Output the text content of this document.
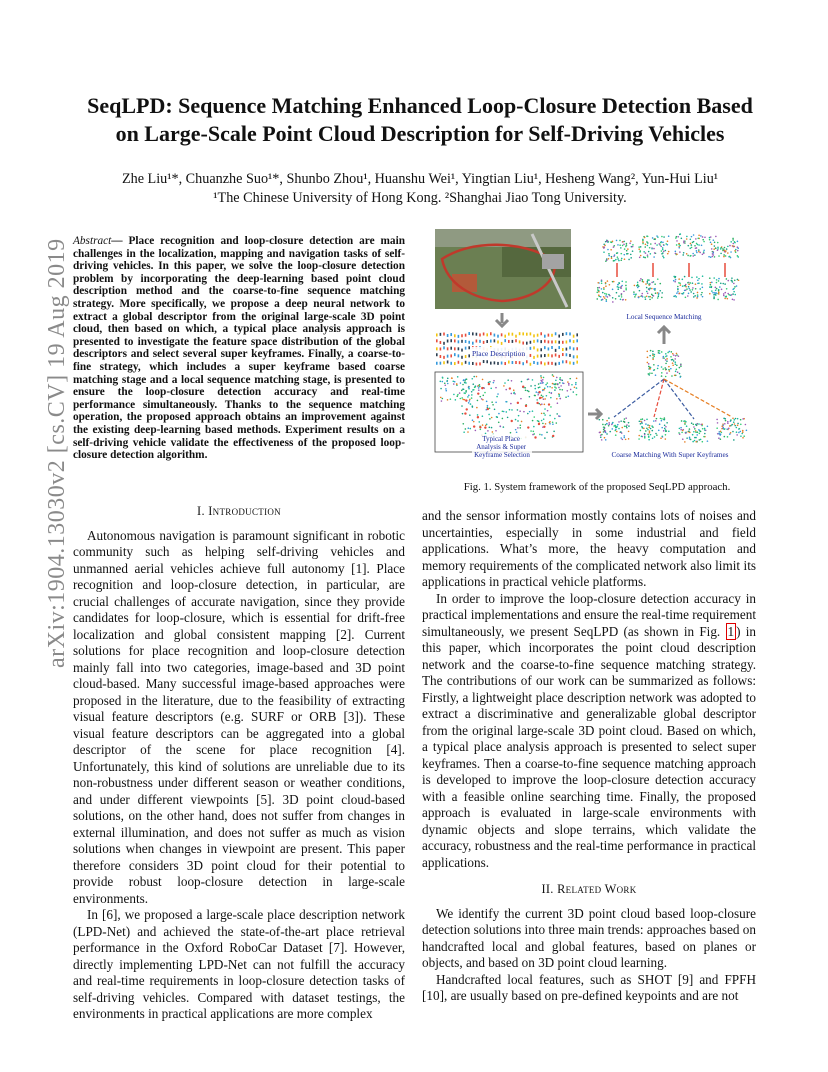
arXiv:1904.13030v2 [cs.CV] 19 Aug 2019
SeqLPD: Sequence Matching Enhanced Loop-Closure Detection Based
on Large-Scale Point Cloud Description for Self-Driving Vehicles
Zhe Liu¹*, Chuanzhe Suo¹*, Shunbo Zhou¹, Huanshu Wei¹, Yingtian Liu¹, Hesheng Wang², Yun-Hui Liu¹
¹The Chinese University of Hong Kong. ²Shanghai Jiao Tong University.
Abstract— Place recognition and loop-closure detection are main challenges in the localization, mapping and navigation tasks of self-driving vehicles. In this paper, we solve the loop-closure detection problem by incorporating the deep-learning based point cloud description method and the coarse-to-fine sequence matching strategy. More specifically, we propose a deep neural network to extract a global descriptor from the original large-scale 3D point cloud, then based on which, a typical place analysis approach is presented to investigate the feature space distribution of the global descriptors and select several super keyframes. Finally, a coarse-to-fine strategy, which includes a super keyframe based coarse matching stage and a local sequence matching stage, is presented to ensure the loop-closure detection accuracy and real-time performance simultaneously. Thanks to the sequence matching operation, the proposed approach obtains an improvement against the existing deep-learning based methods. Experiment results on a self-driving vehicle validate the effectiveness of the proposed loop-closure detection algorithm.
I. Introduction

Autonomous navigation is paramount significant in robotic community such as helping self-driving vehicles and unmanned aerial vehicles achieve full autonomy [1]. Place recognition and loop-closure detection, in particular, are crucial challenges of accurate navigation, since they provide candidates for loop-closure, which is essential for drift-free localization and global consistent mapping [2]. Current solutions for place recognition and loop-closure detection mainly fall into two categories, image-based and 3D point cloud-based. Many successful image-based approaches were proposed in the literature, due to the feasibility of extracting visual feature descriptors (e.g. SURF or ORB [3]). These visual feature descriptors can be aggregated into a global descriptor of the scene for place recognition [4]. Unfortunately, this kind of solutions are unreliable due to its non-robustness under different season or weather conditions, and under different viewpoints [5]. 3D point cloud-based solutions, on the other hand, does not suffer from changes in external illumination, and does not suffer as much as vision solutions when changes in viewpoint are present. This paper therefore considers 3D point cloud for their potential to provide robust loop-closure detection in large-scale environments.

In [6], we proposed a large-scale place description network (LPD-Net) and achieved the state-of-the-art place retrieval performance in the Oxford RoboCar Dataset [7]. However, directly implementing LPD-Net can not fulfill the accuracy and real-time requirements in loop-closure detection tasks of self-driving vehicles. Compared with dataset testings, the environments in practical applications are more complex

Place Description
Typical Place Analysis & Super Keyframe Selection
Local Sequence Matching
Coarse Matching With Super Keyframes
Fig. 1. System framework of the proposed SeqLPD approach.

and the sensor information mostly contains lots of noises and uncertainties, especially in some industrial and field applications. What’s more, the heavy computation and memory requirements of the complicated network also limit its applications in practical vehicle platforms.

In order to improve the loop-closure detection accuracy in practical implementations and ensure the real-time requirement simultaneously, we present SeqLPD (as shown in Fig. 1 ) in this paper, which incorporates the point cloud description network and the coarse-to-fine sequence matching strategy. The contributions of our work can be summarized as follows: Firstly, a lightweight place description network was adopted to extract a discriminative and generalizable global descriptor from the original large-scale 3D point cloud. Based on which, a typical place analysis approach is presented to select super keyframes. Then a coarse-to-fine sequence matching approach is developed to improve the loop-closure detection accuracy with a feasible online searching time. Finally, the proposed approach is evaluated in large-scale environments with dynamic objects and slope terrains, which validate the accuracy, robustness and the real-time performance in practical applications.

II. Related Work

We identify the current 3D point cloud based loop-closure detection solutions into three main trends: approaches based on handcrafted local and global features, based on planes or objects, and based on 3D point cloud learning.

Handcrafted local features, such as SHOT [9] and FPFH [10], are usually based on pre-defined keypoints and are not
